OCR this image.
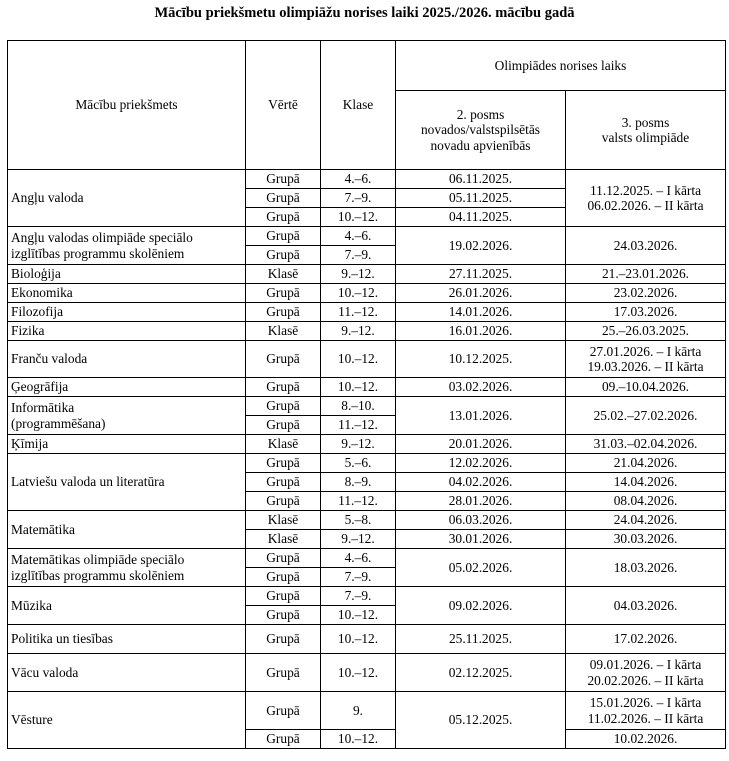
Mācību priekšmetu olimpiāžu norises laiki 2025./2026. mācību gadā
Mācību priekšmets	Vērtē	Klase	Olimpiādes norises laiks	

			2. posms
novados/valstspilsētās
novadu apvienībās	3. posms
valsts olimpiāde

Angļu valoda	Grupā	4.–6.	06.11.2025.	11.12.2025. – I kārta
06.02.2026. – II kārta

	Grupā	7.–9.	05.11.2025.	
	Grupā	10.–12.	04.11.2025.	

Angļu valodas olimpiāde speciālo
izglītības programmu skolēniem	Grupā	4.–6.	19.02.2026.	24.03.2026.

	Grupā	7.–9.		

Bioloģija	Klasē	9.–12.	27.11.2025.	21.–23.01.2026.

Ekonomika	Grupā	10.–12.	26.01.2026.	23.02.2026.

Filozofija	Grupā	11.–12.	14.01.2026.	17.03.2026.

Fizika	Klasē	9.–12.	16.01.2026.	25.–26.03.2025.

Franču valoda	Grupā	10.–12.	10.12.2025.	27.01.2026. – I kārta
19.03.2026. – II kārta

Ģeogrāfija	Grupā	10.–12.	03.02.2026.	09.–10.04.2026.

Informātika
(programmēšana)	Grupā	8.–10.	13.01.2026.	25.02.–27.02.2026.

	Grupā	11.–12.		

Ķīmija	Klasē	9.–12.	20.01.2026.	31.03.–02.04.2026.

Latviešu valoda un literatūra	Grupā	5.–6.	12.02.2026.	21.04.2026.
	Grupā	8.–9.	04.02.2026.	14.04.2026.
	Grupā	11.–12.	28.01.2026.	08.04.2026.

Matemātika	Klasē	5.–8.	06.03.2026.	24.04.2026.
	Klasē	9.–12.	30.01.2026.	30.03.2026.

Matemātikas olimpiāde speciālo
izglītības programmu skolēniem	Grupā	4.–6.	05.02.2026.	18.03.2026.

	Grupā	7.–9.		

Mūzika	Grupā	7.–9.	09.02.2026.	04.03.2026.

	Grupā	10.–12.		

Politika un tiesības	Grupā	10.–12.	25.11.2025.	17.02.2026.

Vācu valoda	Grupā	10.–12.	02.12.2025.	09.01.2026. – I kārta
20.02.2026. – II kārta

Vēsture	Grupā	9.	05.12.2025.	15.01.2026. – I kārta
11.02.2026. – II kārta

	Grupā	10.–12.		10.02.2026.
